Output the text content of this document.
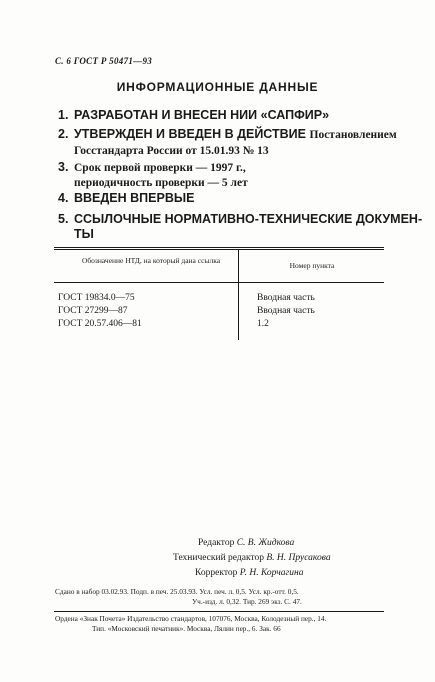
С. 6 ГОСТ Р 50471—93
ИНФОРМАЦИОННЫЕ ДАННЫЕ
1. РАЗРАБОТАН И ВНЕСЕН НИИ «САПФИР»
2. УТВЕРЖДЕН И ВВЕДЕН В ДЕЙСТВИЕ Постановлением
Госстандарта России от 15.01.93 № 13
3. Срок первой проверки — 1997 г.,
периодичность проверки — 5 лет
4. ВВЕДЕН ВПЕРВЫЕ
5. ССЫЛОЧНЫЕ НОРМАТИВНО-ТЕХНИЧЕСКИЕ ДОКУМЕН-
ТЫ
Обозначение НТД, на который дана ссылка
Номер пункта
ГОСТ 19834.0—75	Вводная часть
ГОСТ 27299—87	Вводная часть
ГОСТ 20.57.406—81	1.2
Редактор С. В. Жидкова
Технический редактор В. Н. Прусакова
Корректор Р. Н. Корчагина
Сдано в набор 03.02.93. Подп. в печ. 25.03.93. Усл. печ. л. 0,5. Усл. кр.-отт. 0,5.
Уч.-изд. л. 0,32. Тир. 269 экз. С. 47.
Ордена «Знак Почета» Издательство стандартов, 107076, Москва, Колодезный пер., 14.
Тип. «Московский печатник». Москва, Лялин пер., 6. Зак. 66
